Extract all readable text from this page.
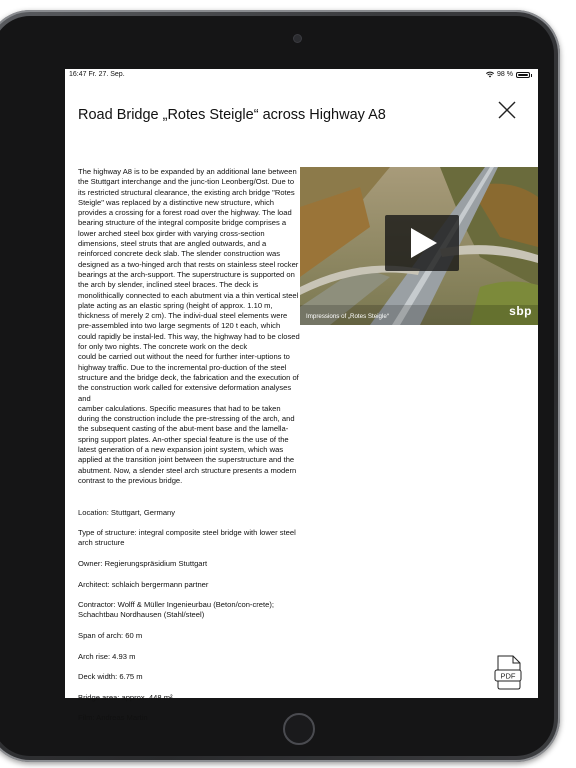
16:47 Fr. 27. Sep.	98 %
Road Bridge „Rotes Steigle“ across Highway A8

The highway A8 is to be expanded by an additional lane between the Stuttgart interchange and the junc-tion Leonberg/Ost. Due to its restricted structural clearance, the existing arch bridge "Rotes Steigle" was replaced by a distinctive new structure, which provides a crossing for a forest road over the highway. The load bearing structure of the integral composite bridge comprises a lower arched steel box girder with varying cross-section dimensions, steel struts that are angled outwards, and a reinforced concrete deck slab. The slender construction was designed as a two-hinged arch that rests on stainless steel rocker bearings at the arch-support. The superstructure is supported on the arch by slender, inclined steel braces. The deck is monolithically connected to each abutment via a thin vertical steel plate acting as an elastic spring (height of approx. 1.10 m, thickness of merely 2 cm). The indivi-dual steel elements were pre-assembled into two large segments of 120 t each, which could rapidly be instal-led. This way, the highway had to be closed for only two nights. The concrete work on the deck
could be carried out without the need for further inter-uptions to highway traffic. Due to the incremental pro-duction of the steel structure and the bridge deck, the fabrication and the execution of the construction work called for extensive deformation analyses and
camber calculations. Specific measures that had to be taken during the construction include the pre-stressing of the arch, and the subsequent casting of the abut-ment base and the lamella-spring support plates. An-other special feature is the use of the latest generation of a new expansion joint system, which was applied at the transition joint between the superstructure and the abutment. Now, a slender steel arch structure presents a modern contrast to the previous bridge.

Location: Stuttgart, Germany

Type of structure: integral composite steel bridge with lower steel arch structure

Owner: Regierungspräsidium Stuttgart

Architect: schlaich bergermann partner

Contractor: Wolff & Müller Ingenieurbau (Beton/con-crete); Schachtbau Nordhausen (Stahl/steel)

Span of arch: 60 m

Arch rise: 4.93 m

Deck width: 6.75 m

Bridge area: approx. 448 m²

Film: Andreas Martin

Impressions of „Rotes Steigle“	sbp
PDF
